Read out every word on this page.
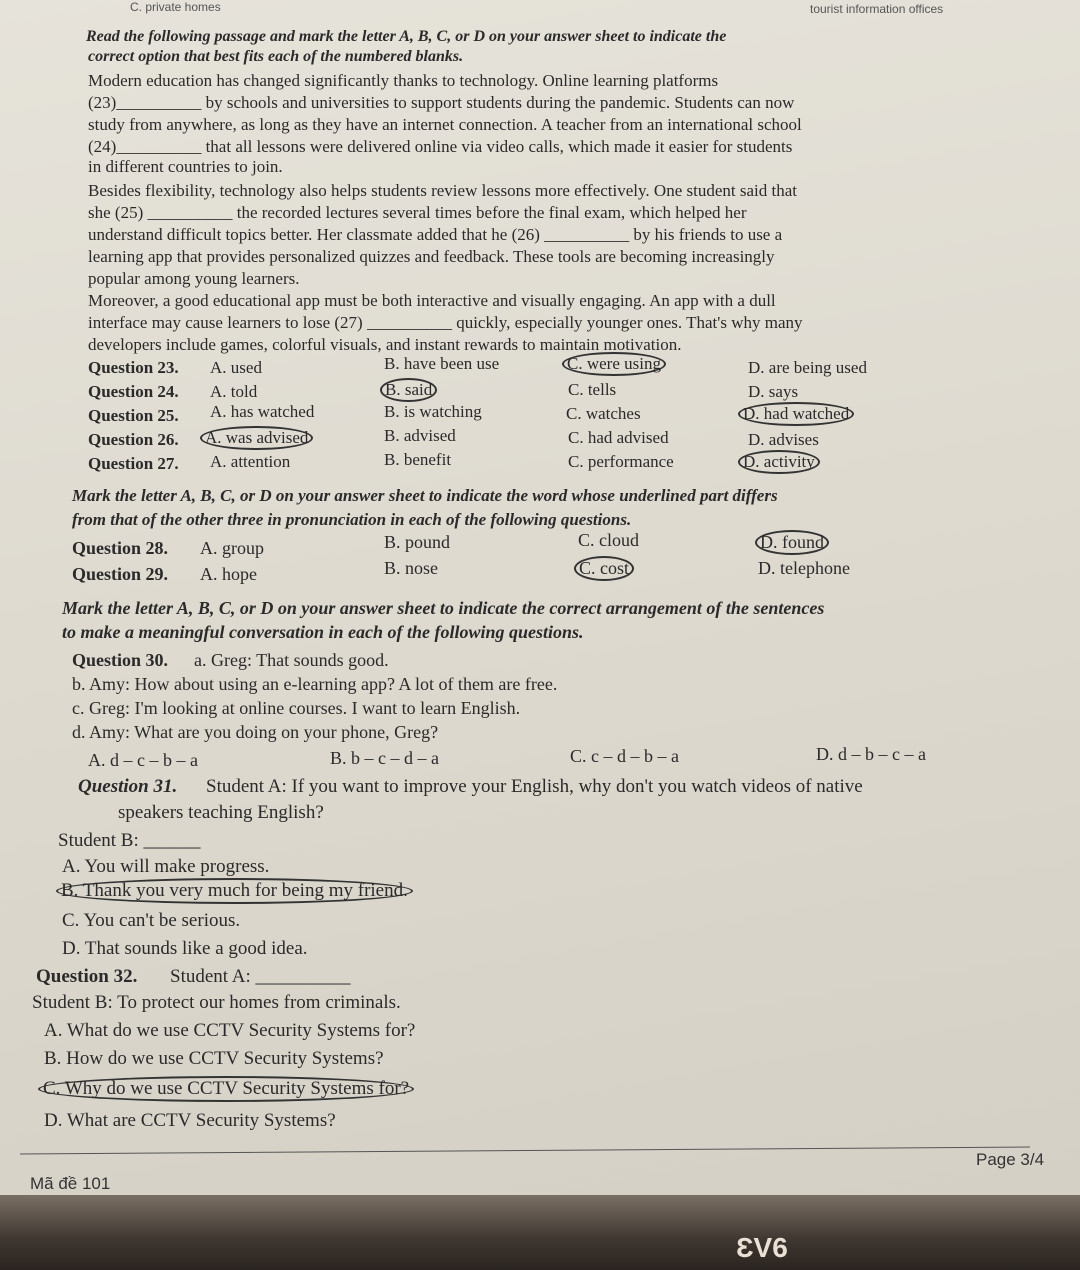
C. private homes	tourist information offices
Read the following passage and mark the letter A, B, C, or D on your answer sheet to indicate the
correct option that best fits each of the numbered blanks.
Modern education has changed significantly thanks to technology. Online learning platforms
(23)__________ by schools and universities to support students during the pandemic. Students can now
study from anywhere, as long as they have an internet connection. A teacher from an international school
(24)__________ that all lessons were delivered online via video calls, which made it easier for students
in different countries to join.
Besides flexibility, technology also helps students review lessons more effectively. One student said that
she (25) __________ the recorded lectures several times before the final exam, which helped her
understand difficult topics better. Her classmate added that he (26) __________ by his friends to use a
learning app that provides personalized quizzes and feedback. These tools are becoming increasingly
popular among young learners.
Moreover, a good educational app must be both interactive and visually engaging. An app with a dull
interface may cause learners to lose (27) __________ quickly, especially younger ones. That's why many
developers include games, colorful visuals, and instant rewards to maintain motivation.
Question 23. A. used	B. have been use	C. were using	D. are being used
Question 24. A. told	B. said	C. tells	D. says
Question 25. A. has watched	B. is watching	C. watches	D. had watched
Question 26. A. was advised	B. advised	C. had advised	D. advises
Question 27. A. attention	B. benefit	C. performance	D. activity
Mark the letter A, B, C, or D on your answer sheet to indicate the word whose underlined part differs
from that of the other three in pronunciation in each of the following questions.
Question 28. A. group	B. pound	C. cloud	D. found
Question 29. A. hope	B. nose	C. cost	D. telephone
Mark the letter A, B, C, or D on your answer sheet to indicate the correct arrangement of the sentences
to make a meaningful conversation in each of the following questions.
Question 30. a. Greg: That sounds good.
b. Amy: How about using an e-learning app? A lot of them are free.
c. Greg: I'm looking at online courses. I want to learn English.
d. Amy: What are you doing on your phone, Greg?
A. d – c – b – a	B. b – c – d – a	C. c – d – b – a	D. d – b – c – a
Question 31. Student A: If you want to improve your English, why don't you watch videos of native
speakers teaching English?
Student B: ______
A. You will make progress.
B. Thank you very much for being my friend.
C. You can't be serious.
D. That sounds like a good idea.
Question 32. Student A: __________
Student B: To protect our homes from criminals.
A. What do we use CCTV Security Systems for?
B. How do we use CCTV Security Systems?
C. Why do we use CCTV Security Systems for?
D. What are CCTV Security Systems?
Page 3/4
Mã đề 101
ƐV6
